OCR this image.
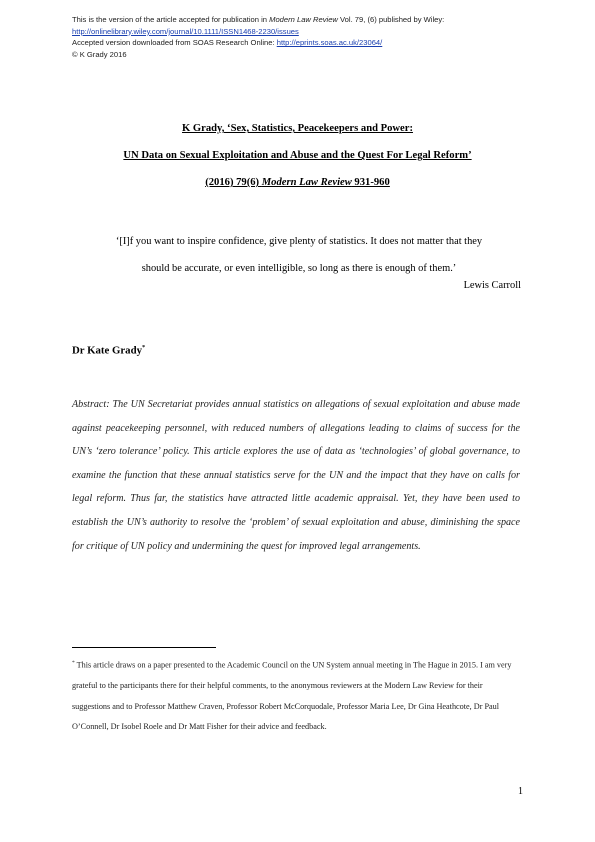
This is the version of the article accepted for publication in Modern Law Review Vol. 79, (6) published by Wiley:
http://onlinelibrary.wiley.com/journal/10.1111/ISSN1468-2230/issues
Accepted version downloaded from SOAS Research Online: http://eprints.soas.ac.uk/23064/
© K Grady 2016
K Grady, ‘Sex, Statistics, Peacekeepers and Power:
UN Data on Sexual Exploitation and Abuse and the Quest For Legal Reform’
(2016) 79(6) Modern Law Review 931-960
‘[I]f you want to inspire confidence, give plenty of statistics. It does not matter that they
should be accurate, or even intelligible, so long as there is enough of them.’
Lewis Carroll
Dr Kate Grady*
Abstract: The UN Secretariat provides annual statistics on allegations of sexual exploitation and abuse made against peacekeeping personnel, with reduced numbers of allegations leading to claims of success for the UN’s ‘zero tolerance’ policy. This article explores the use of data as ‘technologies’ of global governance, to examine the function that these annual statistics serve for the UN and the impact that they have on calls for legal reform. Thus far, the statistics have attracted little academic appraisal. Yet, they have been used to establish the UN’s authority to resolve the ‘problem’ of sexual exploitation and abuse, diminishing the space for critique of UN policy and undermining the quest for improved legal arrangements.
* This article draws on a paper presented to the Academic Council on the UN System annual meeting in The Hague in 2015. I am very grateful to the participants there for their helpful comments, to the anonymous reviewers at the Modern Law Review for their suggestions and to Professor Matthew Craven, Professor Robert McCorquodale, Professor Maria Lee, Dr Gina Heathcote, Dr Paul O’Connell, Dr Isobel Roele and Dr Matt Fisher for their advice and feedback.
1
